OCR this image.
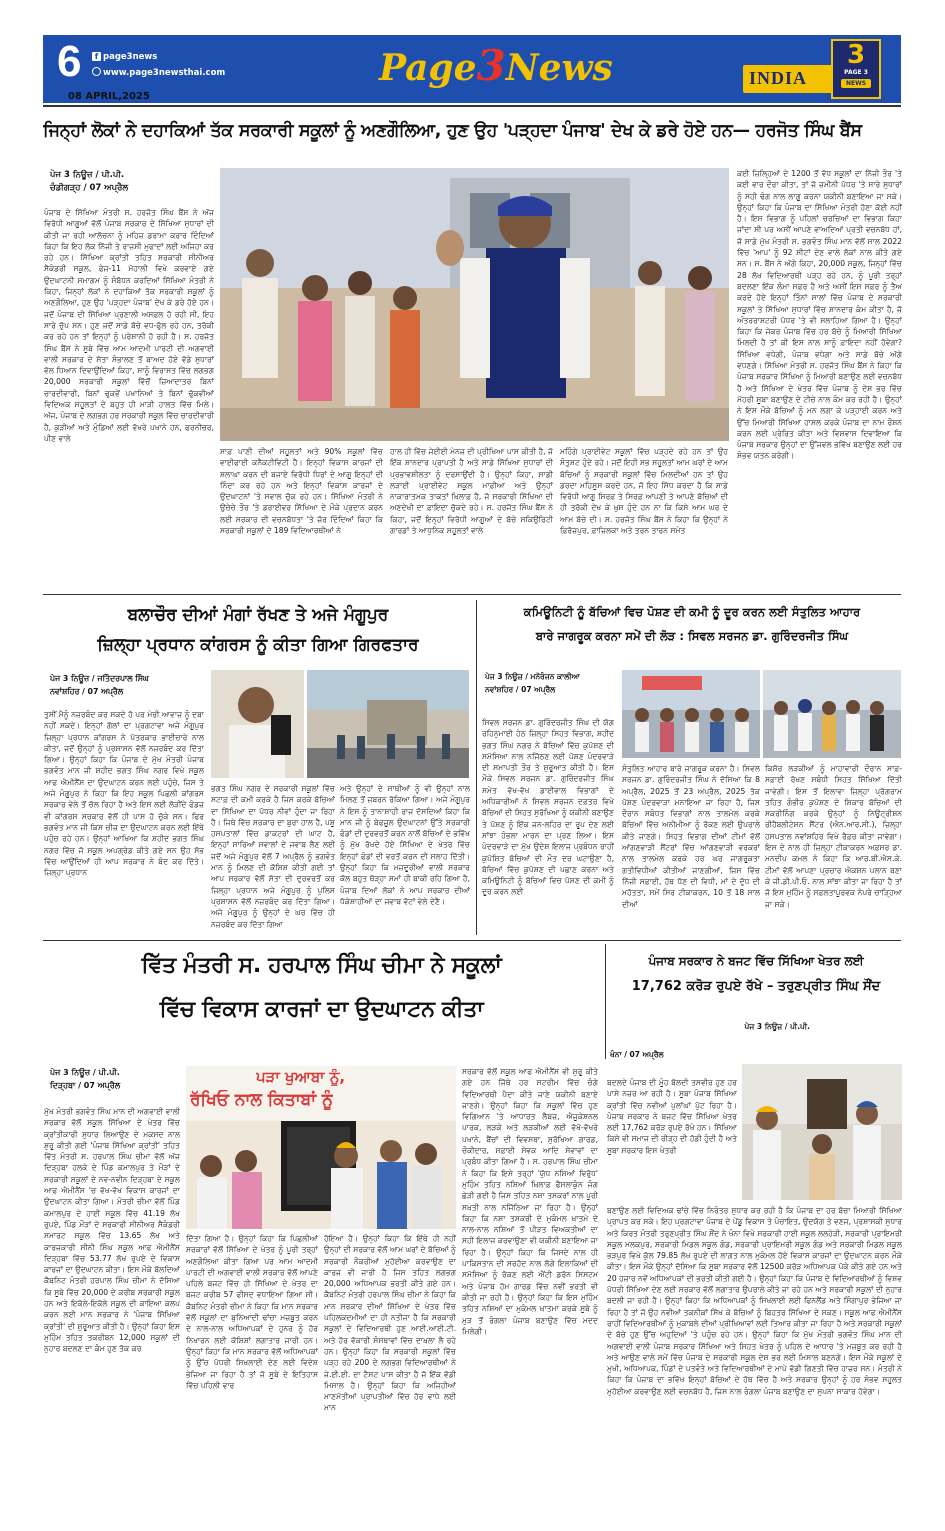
6	f page3news
www.page3newsthai.com	Page3News	INDIA
3
PAGE 3
NEWS
08 APRIL,2025
ਜਿਨ੍ਹਾਂ ਲੋਕਾਂ ਨੇ ਦਹਾਕਿਆਂ ਤੱਕ ਸਰਕਾਰੀ ਸਕੂਲਾਂ ਨੂੰ ਅਣਗੌਲਿਆ, ਹੁਣ ਉਹ 'ਪੜ੍ਹਦਾ ਪੰਜਾਬ' ਦੇਖ ਕੇ ਡਰੇ ਹੋਏ ਹਨ— ਹਰਜੋਤ ਸਿੰਘ ਬੈਂਸ
ਪੇਜ 3 ਨਿਊਜ਼ / ਪੀ.ਪੀ.
ਚੰਡੀਗੜ੍ਹ / 07 ਅਪ੍ਰੈਲ
ਪੰਜਾਬ ਦੇ ਸਿੱਖਿਆ ਮੰਤਰੀ ਸ. ਹਰਜੋਤ ਸਿੰਘ ਬੈਂਸ ਨੇ ਅੱਜ ਵਿਰੋਧੀ ਆਗੂਆਂ ਵੱਲੋਂ ਪੰਜਾਬ ਸਰਕਾਰ ਦੇ ਸਿੱਖਿਆ ਸੁਧਾਰਾਂ ਦੀ ਕੀਤੀ ਜਾ ਰਹੀ ਆਲੋਚਨਾ ਨੂੰ ਮਹਿਜ਼ ਡਰਾਮਾ ਕਰਾਰ ਦਿੰਦਿਆਂ ਕਿਹਾ ਕਿ ਇਹ ਲੋਕ ਨਿੱਜੀ ਤੇ ਰਾਜਸੀ ਮੁਫਾਦਾਂ ਲਈ ਅਜਿਹਾ ਕਰ ਰਹੇ ਹਨ। ਸਿੱਖਿਆ ਕ੍ਰਾਂਤੀ ਤਹਿਤ ਸਰਕਾਰੀ ਸੀਨੀਅਰ ਸੈਕੰਡਰੀ ਸਕੂਲ, ਫੇਜ਼-11 ਮੋਹਾਲੀ ਵਿਖੇ ਕਰਵਾਏ ਗਏ ਉਦਘਾਟਨੀ ਸਮਾਗਮ ਨੂੰ ਸੰਬੋਧਨ ਕਰਦਿਆਂ ਸਿੱਖਿਆ ਮੰਤਰੀ ਨੇ ਕਿਹਾ, ਜਿਨ੍ਹਾਂ ਲੋਕਾਂ ਨੇ ਦਹਾਕਿਆਂ ਤੱਕ ਸਰਕਾਰੀ ਸਕੂਲਾਂ ਨੂੰ ਅਣਗੌਲਿਆ, ਹੁਣ ਉਹ 'ਪੜ੍ਹਦਾ ਪੰਜਾਬ' ਦੇਖ ਕੇ ਡਰੇ ਹੋਏ ਹਨ। ਜਦੋਂ ਪੰਜਾਬ ਦੀ ਸਿੱਖਿਆ ਪ੍ਰਣਾਲੀ ਅਸਫ਼ਲ ਹੋ ਰਹੀ ਸੀ, ਇਹ ਸਾਰੇ ਚੁੱਪ ਸਨ। ਹੁਣ ਜਦੋਂ ਸਾਡੇ ਬੱਚੇ ਵਧ-ਫੁੱਲ ਰਹੇ ਹਨ, ਤਰੱਕੀ ਕਰ ਰਹੇ ਹਨ ਤਾਂ ਇਨ੍ਹਾਂ ਨੂੰ ਪਰੇਸ਼ਾਨੀ ਹੋ ਰਹੀ ਹੈ। ਸ. ਹਰਜੋਤ ਸਿੰਘ ਬੈਂਸ ਨੇ ਸੂਬੇ ਵਿੱਚ ਆਮ ਆਦਮੀ ਪਾਰਟੀ ਦੀ ਅਗਵਾਈ ਵਾਲੀ ਸਰਕਾਰ ਦੇ ਸੱਤਾ ਸੰਭਾਲਣ ਤੋਂ ਬਾਅਦ ਹੋਏ ਵੱਡੇ ਸੁਧਾਰਾਂ ਵੱਲ ਧਿਆਨ ਦਿਵਾਉਂਦਿਆਂ ਕਿਹਾ, ਸਾਨੂੰ ਵਿਰਾਸਤ ਵਿੱਚ ਲਗਭਗ 20,000 ਸਰਕਾਰੀ ਸਕੂਲਾਂ ਵਿੱਚੋਂ ਜ਼ਿਆਦਾਤਰ ਬਿਨਾਂ ਚਾਰਦੀਵਾਰੀ, ਬਿਨਾਂ ਢੁਕਵੇਂ ਪਖਾਨਿਆਂ ਤੇ ਬਿਨਾਂ ਢੁੱਕਵੀਆਂ ਵਿਦਿਅਕ ਸਹੂਲਤਾਂ ਦੇ ਬਹੁਤ ਹੀ ਮਾੜੀ ਹਾਲਤ ਵਿੱਚ ਮਿਲੇ। ਅੱਜ, ਪੰਜਾਬ ਦੇ ਲਗਭਗ ਹਰ ਸਰਕਾਰੀ ਸਕੂਲ ਵਿੱਚ ਚਾਰਦੀਵਾਰੀ ਹੈ, ਕੁੜੀਆਂ ਅਤੇ ਮੁੰਡਿਆਂ ਲਈ ਵੱਖਰੇ ਪਖਾਨੇ ਹਨ, ਫਰਨੀਚਰ, ਪੀਣ ਵਾਲੇ
ਸਾਫ਼ ਪਾਣੀ ਦੀਆਂ ਸਹੂਲਤਾਂ ਅਤੇ 90% ਸਕੂਲਾਂ ਵਿੱਚ ਵਾਈਫਾਈ ਕਨੈਕਟੀਵਿਟੀ ਹੈ। ਇਨ੍ਹਾਂ ਵਿਕਾਸ ਕਾਰਜਾਂ ਦੀ ਸ਼ਲਾਘਾ ਕਰਨ ਦੀ ਬਜਾਏ ਵਿਰੋਧੀ ਧਿਰਾਂ ਦੇ ਆਗੂ ਇਨ੍ਹਾਂ ਦੀ ਨਿੰਦਾ ਕਰ ਰਹੇ ਹਨ ਅਤੇ ਇਨ੍ਹਾਂ ਵਿਕਾਸ ਕਾਰਜਾਂ ਦੇ ਉਦਘਾਟਨਾਂ 'ਤੇ ਸਵਾਲ ਚੁੱਕ ਰਹੇ ਹਨ। ਸਿੱਖਿਆ ਮੰਤਰੀ ਨੇ ਉਚੇਚੇ ਤੌਰ 'ਤੇ ਡਰਾਈਵਰ ਸਿੱਖਿਆ ਦੇ ਮੌਕੇ ਪ੍ਰਦਾਨ ਕਰਨ ਲਈ ਸਰਕਾਰ ਦੀ ਵਚਨਬੱਧਤਾ 'ਤੇ ਜ਼ੋਰ ਦਿੰਦਿਆਂ ਕਿਹਾ ਕਿ ਸਰਕਾਰੀ ਸਕੂਲਾਂ ਦੇ 189 ਵਿਦਿਆਰਥੀਆਂ ਨੇ
ਹਾਲ ਹੀ ਵਿੱਚ ਜੇਈਈ ਮੇਨਜ਼ ਦੀ ਪ੍ਰੀਖਿਆ ਪਾਸ ਕੀਤੀ ਹੈ, ਜੋ ਇੱਕ ਸ਼ਾਨਦਾਰ ਪ੍ਰਾਪਤੀ ਹੈ ਅਤੇ ਸਾਡੇ ਸਿੱਖਿਆ ਸੁਧਾਰਾਂ ਦੀ ਪ੍ਰਭਾਵਸ਼ੀਲਤਾ ਨੂੰ ਦਰਸਾਉਂਦੀ ਹੈ। ਉਨ੍ਹਾਂ ਕਿਹਾ, ਸਾਡੀ ਲੜਾਈ ਪ੍ਰਾਈਵੇਟ ਸਕੂਲ ਮਾਫ਼ੀਆ ਅਤੇ ਉਨ੍ਹਾਂ ਨਾਕਾਰਾਤਮਕ ਤਾਕਤਾਂ ਖ਼ਿਲਾਫ਼ ਹੈ, ਜੋ ਸਰਕਾਰੀ ਸਿੱਖਿਆ ਦੀ ਅਣਦੇਖੀ ਦਾ ਫ਼ਾਇਦਾ ਚੁੱਕਦੇ ਰਹੇ। ਸ. ਹਰਜੋਤ ਸਿੰਘ ਬੈਂਸ ਨੇ ਕਿਹਾ, ਜਦੋਂ ਇਨ੍ਹਾਂ ਵਿਰੋਧੀ ਆਗੂਆਂ ਦੇ ਬੱਚੇ ਸਕਿਉਰਿਟੀ ਗਾਰਡਾਂ ਤੇ ਆਧੁਨਿਕ ਸਹੂਲਤਾਂ ਵਾਲੇ
ਮਹਿੰਗੇ ਪ੍ਰਾਈਵੇਟ ਸਕੂਲਾਂ ਵਿੱਚ ਪੜ੍ਹਦੇ ਰਹੇ ਹਨ ਤਾਂ ਉਹ ਸੰਤੁਸ਼ਟ ਹੁੰਦੇ ਰਹੇ। ਜਦੋਂ ਇਹੀ ਸਭ ਸਹੂਲਤਾਂ ਆਮ ਘਰਾਂ ਦੇ ਆਮ ਬੱਚਿਆਂ ਨੂੰ ਸਰਕਾਰੀ ਸਕੂਲਾਂ ਵਿੱਚ ਮਿਲਦੀਆਂ ਹਨ ਤਾਂ ਉਹ ਡਰਦਾ ਮਹਿਸੂਸ ਕਰਦੇ ਹਨ, ਜੋ ਇਹ ਸਿੱਧ ਕਰਦਾ ਹੈ ਕਿ ਸਾਡੇ ਵਿਰੋਧੀ ਆਗੂ ਸਿਰਫ਼ ਤੇ ਸਿਰਫ਼ ਆਪਣੀ ਤੇ ਆਪਣੇ ਬੱਚਿਆਂ ਦੀ ਹੀ ਤਰੱਕੀ ਦੇਖ ਕੇ ਖ਼ੁਸ਼ ਹੁੰਦੇ ਹਨ ਨਾ ਕਿ ਕਿਸੇ ਆਮ ਘਰ ਦੇ ਆਮ ਬੱਚੇ ਦੀ। ਸ. ਹਰਜੋਤ ਸਿੰਘ ਬੈਂਸ ਨੇ ਕਿਹਾ ਕਿ ਉਨ੍ਹਾਂ ਨੇ ਫ਼ਿਰੋਜ਼ਪੁਰ, ਫ਼ਾਜ਼ਿਲਕਾ ਅਤੇ ਤਰਨ ਤਾਰਨ ਸਮੇਤ
ਕਈ ਜ਼ਿਲ੍ਹਿਆਂ ਦੇ 1200 ਤੋਂ ਵੱਧ ਸਕੂਲਾਂ ਦਾ ਨਿੱਜੀ ਤੌਰ 'ਤੇ ਕਈ ਵਾਰ ਦੌਰਾ ਕੀਤਾ, ਤਾਂ ਜੋ ਜ਼ਮੀਨੀ ਪੱਧਰ 'ਤੇ ਸਾਰੇ ਸੁਧਾਰਾਂ ਨੂੰ ਸਹੀ ਢੰਗ ਨਾਲ ਲਾਗੂ ਕਰਨਾ ਯਕੀਨੀ ਬਣਾਇਆ ਜਾ ਸਕੇ। ਉਨ੍ਹਾਂ ਕਿਹਾ ਕਿ ਪੰਜਾਬ ਦਾ ਸਿੱਖਿਆ ਮੰਤਰੀ ਹੋਣਾ ਕੋਈ ਨਹੀਂ ਹੈ। ਇਸ ਵਿਭਾਗ ਨੂੰ ਪਹਿਲਾਂ ਚਰਚਿਆਂ ਦਾ ਵਿਭਾਗ ਕਿਹਾ ਜਾਂਦਾ ਸੀ ਪਰ ਅਸੀਂ ਆਪਣੇ ਵਾਅਦਿਆਂ ਪ੍ਰਤੀ ਵਚਨਬੱਧ ਹਾਂ, ਜੋ ਸਾਡੇ ਮੁੱਖ ਮੰਤਰੀ ਸ. ਭਗਵੰਤ ਸਿੰਘ ਮਾਨ ਵੱਲੋਂ ਸਾਲ 2022 ਵਿੱਚ 'ਆਪ' ਨੂੰ 92 ਸੀਟਾਂ ਦੇਣ ਵਾਲੇ ਲੋਕਾਂ ਨਾਲ ਕੀਤੇ ਗਏ ਸਨ। ਸ. ਬੈਂਸ ਨੇ ਅੱਗੇ ਕਿਹਾ, 20,000 ਸਕੂਲ, ਜਿਨ੍ਹਾਂ ਵਿੱਚ 28 ਲੱਖ ਵਿਦਿਆਰਥੀ ਪੜ੍ਹ ਰਹੇ ਹਨ, ਨੂੰ ਪੂਰੀ ਤਰ੍ਹਾਂ ਬਦਲਣਾ ਇੱਕ ਲੰਮਾ ਸਫ਼ਰ ਹੈ ਅਤੇ ਅਸੀਂ ਇਸ ਸਫ਼ਰ ਨੂੰ ਤੈਅ ਕਰਦੇ ਹੋਏ ਇਨ੍ਹਾਂ ਤਿੰਨਾਂ ਸਾਲਾਂ ਵਿੱਚ ਪੰਜਾਬ ਦੇ ਸਰਕਾਰੀ ਸਕੂਲਾਂ ਤੇ ਸਿੱਖਿਆ ਸੁਧਾਰਾਂ ਵਿੱਚ ਸ਼ਾਨਦਾਰ ਕੰਮ ਕੀਤਾ ਹੈ, ਜੋ ਅੰਤਰਰਾਸ਼ਟਰੀ ਪੱਧਰ 'ਤੇ ਵੀ ਸਲਾਹਿਆ ਗਿਆ ਹੈ। ਉਨ੍ਹਾਂ ਕਿਹਾ ਕਿ ਜੇਕਰ ਪੰਜਾਬ ਵਿੱਚ ਹਰ ਬੱਚੇ ਨੂੰ ਮਿਆਰੀ ਸਿੱਖਿਆ ਮਿਲਦੀ ਹੈ ਤਾਂ ਕੀ ਇਸ ਨਾਲ ਸਾਨੂੰ ਫ਼ਾਇਦਾ ਨਹੀਂ ਹੋਵੇਗਾ? ਸਿੱਖਿਆ ਵਧੇਗੀ, ਪੰਜਾਬ ਵਧੇਗਾ ਅਤੇ ਸਾਡੇ ਬੱਚੇ ਅੱਗੇ ਵਧਣਗੇ। ਸਿੱਖਿਆ ਮੰਤਰੀ ਸ. ਹਰਜੋਤ ਸਿੰਘ ਬੈਂਸ ਨੇ ਕਿਹਾ ਕਿ ਪੰਜਾਬ ਸਰਕਾਰ ਸਿੱਖਿਆ ਨੂੰ ਮਿਆਰੀ ਬਣਾਉਣ ਲਈ ਵਚਨਬੱਧ ਹੈ ਅਤੇ ਸਿੱਖਿਆ ਦੇ ਖੇਤਰ ਵਿੱਚ ਪੰਜਾਬ ਨੂੰ ਦੇਸ਼ ਭਰ ਵਿੱਚ ਮੋਹਰੀ ਸੂਬਾ ਬਣਾਉਣ ਦੇ ਟੀਚੇ ਨਾਲ ਕੰਮ ਕਰ ਰਹੀ ਹੈ। ਉਨ੍ਹਾਂ ਨੇ ਇਸ ਮੌਕੇ ਬੱਚਿਆਂ ਨੂੰ ਮਨ ਲਗਾ ਕੇ ਪੜ੍ਹਾਈ ਕਰਨ ਅਤੇ ਉੱਚ ਮਿਆਰੀ ਸਿੱਖਿਆ ਹਾਸਲ ਕਰਕੇ ਪੰਜਾਬ ਦਾ ਨਾਮ ਰੌਸ਼ਨ ਕਰਨ ਲਈ ਪ੍ਰੇਰਿਤ ਕੀਤਾ ਅਤੇ ਵਿਸ਼ਵਾਸ ਦਿਵਾਇਆ ਕਿ ਪੰਜਾਬ ਸਰਕਾਰ ਉਨ੍ਹਾਂ ਦਾ ਉੱਜਵਲ ਭਵਿੱਖ ਬਣਾਉਣ ਲਈ ਹਰ ਸੰਭਵ ਯਤਨ ਕਰੇਗੀ।
ਬਲਾਚੌਰ ਦੀਆਂ ਮੰਗਾਂ ਰੱਖਣ ਤੇ ਅਜੇ ਮੰਗੂਪੁਰ
ਜ਼ਿਲ੍ਹਾ ਪ੍ਰਧਾਨ ਕਾਂਗਰਸ ਨੂੰ ਕੀਤਾ ਗਿਆ ਗਿਰਫਤਾਰ
ਪੇਜ 3 ਨਿਊਜ਼ / ਜਤਿੰਦਰਪਾਲ ਸਿੰਘ
ਨਵਾਂਸ਼ਹਿਰ / 07 ਅਪ੍ਰੈਲ
ਤੁਸੀਂ ਮੈਨੂੰ ਨਜ਼ਰਬੰਦ ਕਰ ਸਕਦੇ ਹੋ ਪਰ ਮੇਰੀ ਆਵਾਜ਼ ਨੂੰ ਦਬਾ ਨਹੀਂ ਸਕਦੇ। ਇਨ੍ਹਾਂ ਗੱਲਾਂ ਦਾ ਪ੍ਰਗਟਾਵਾ ਅਜੇ ਮੰਗੂਪੁਰ ਜ਼ਿਲ੍ਹਾ ਪ੍ਰਧਾਨ ਕਾਂਗਰਸ ਨੇ ਪੱਤਰਕਾਰ ਭਾਈਚਾਰੇ ਨਾਲ ਕੀਤਾ, ਜਦੋਂ ਉਨ੍ਹਾਂ ਨੂੰ ਪ੍ਰਸ਼ਾਸਨ ਵੱਲੋਂ ਨਜ਼ਰਬੰਦ ਕਰ ਦਿੱਤਾ ਗਿਆ। ਉਨ੍ਹਾਂ ਕਿਹਾ ਕਿ ਪੰਜਾਬ ਦੇ ਮੁੱਖ ਮੰਤਰੀ ਪੰਜਾਬ ਭਗਵੰਤ ਮਾਨ ਜੀ ਸ਼ਹੀਦ ਭਗਤ ਸਿੰਘ ਨਗਰ ਵਿਖੇ ਸਕੂਲ ਆਫ ਐਮੀਨੈਂਸ ਦਾ ਉਦਘਾਟਨ ਕਰਨ ਲਈ ਪਹੁੰਚੇ, ਜਿਸ ਤੇ ਅਜੇ ਮੰਗੂਪੁਰ ਨੇ ਕਿਹਾ ਕਿ ਇਹ ਸਕੂਲ ਪਿਛਲੀ ਕਾਂਗਰਸ ਸਰਕਾਰ ਵੇਲੇ ਤੋਂ ਚੱਲ ਰਿਹਾ ਹੈ ਅਤੇ ਇਸ ਲਈ ਲੋੜੀਂਦੇ ਫੰਡਜ਼ ਵੀ ਕਾਂਗਰਸ ਸਰਕਾਰ ਵੱਲੋਂ ਹੀ ਪਾਸ ਹੋ ਚੁੱਕੇ ਸਨ। ਫਿਰ ਭਗਵੰਤ ਮਾਨ ਜੀ ਕਿਸ ਚੀਜ਼ ਦਾ ਉਦਘਾਟਨ ਕਰਨ ਲਈ ਇੱਥੇ ਪਹੁੰਚ ਰਹੇ ਹਨ। ਉਨ੍ਹਾਂ ਆਖਿਆ ਕਿ ਸ਼ਹੀਦ ਭਗਤ ਸਿੰਘ ਨਗਰ ਵਿੱਚ ਜੋ ਸਕੂਲ ਅਪਗ੍ਰੇਡ ਕੀਤੇ ਗਏ ਸਨ ਉਹ ਸੱਭ ਵਿੱਚ ਆਉਂਦਿਆਂ ਹੀ ਆਪ ਸਰਕਾਰ ਨੇ ਬੰਦ ਕਰ ਦਿੱਤੇ। ਜ਼ਿਲ੍ਹਾ ਪ੍ਰਧਾਨ
ਭਗਤ ਸਿੰਘ ਨਗਰ ਦੇ ਸਰਕਾਰੀ ਸਕੂਲਾਂ ਵਿੱਚ ਸਟਾਫ਼ ਦੀ ਕਮੀ ਕਰਕੇ ਹੈ ਜਿਸ ਕਰਕੇ ਬੱਚਿਆਂ ਦਾ ਸਿੱਖਿਆ ਦਾ ਪੱਧਰ ਨੀਵਾਂ ਹੁੰਦਾ ਜਾ ਰਿਹਾ ਹੈ। ਜਿਥੇ ਵਿੱਚ ਸਰਕਾਰ ਦਾ ਬੁਰਾ ਹਾਲ ਹੈ, ਪਸ਼ੂ ਹਸਪਤਾਲਾਂ ਵਿੱਚ ਡਾਕਟਰਾਂ ਦੀ ਘਾਟ ਹੈ, ਇਨ੍ਹਾਂ ਸਾਰਿਆਂ ਸਵਾਲਾਂ ਦੇ ਜਵਾਬ ਲੈਣ ਲਈ ਜਦੋਂ ਅਜੇ ਮੰਗੂਪੁਰ ਵੱਲੋਂ 7 ਅਪ੍ਰੈਲ ਨੂੰ ਭਗਵੰਤ ਮਾਨ ਨੂੰ ਮਿਲਣ ਦੀ ਕੋਸ਼ਿਸ਼ ਕੀਤੀ ਗਈ ਤਾਂ ਆਪ ਸਰਕਾਰ ਵੱਲੋਂ ਸੱਤਾ ਦੀ ਦੁਰਵਰਤੋਂ ਕਰ ਜ਼ਿਲ੍ਹਾ ਪ੍ਰਧਾਨ ਅਜੇ ਮੰਗੂਪੁਰ ਨੂੰ ਪੁਲਿਸ ਪ੍ਰਸ਼ਾਸਨ ਵੱਲੋਂ ਨਜ਼ਰਬੰਦ ਕਰ ਦਿੱਤਾ ਗਿਆ। ਅਜੇ ਮੰਗੂਪੁਰ ਨੂੰ ਉਨ੍ਹਾਂ ਦੇ ਘਰ ਵਿੱਚ ਹੀ ਨਜ਼ਰਬੰਦ ਕਰ ਦਿੱਤਾ ਗਿਆ
ਅਤੇ ਉਨ੍ਹਾਂ ਦੇ ਸਾਥੀਆਂ ਨੂੰ ਵੀ ਉਨ੍ਹਾਂ ਨਾਲ ਮਿਲਣ ਤੋਂ ਜ਼ਬਰਨ ਰੋਕਿਆ ਗਿਆ। ਅਜੇ ਮੰਗੂਪੁਰ ਨੇ ਇਸ ਨੂੰ ਤਾਨਾਸ਼ਾਹੀ ਰਾਜ ਦੱਸਦਿਆਂ ਕਿਹਾ ਕਿ ਮਾਨ ਜੀ ਨੂੰ ਬੇਫਜ਼ੂਲ ਉਦਘਾਟਨਾਂ ਉੱਤੇ ਸਰਕਾਰੀ ਫੰਡਾਂ ਦੀ ਦੁਰਵਰਤੋਂ ਕਰਨ ਨਾਲੋਂ ਬੱਚਿਆਂ ਦੇ ਭਵਿੱਖ ਨੂੰ ਮੁੱਖ ਰੱਖਦੇ ਹੋਏ ਸਿੱਖਿਆ ਦੇ ਖੇਤਰ ਵਿੱਚ ਇਨ੍ਹਾਂ ਫੰਡਾਂ ਦੀ ਵਰਤੋਂ ਕਰਨ ਦੀ ਸਲਾਹ ਦਿੱਤੀ। ਉਨ੍ਹਾਂ ਕਿਹਾ ਕਿ ਮਜ਼ਦੂਰੀਆਂ ਵਾਲੀ ਸਰਕਾਰ ਕੋਲ ਬਹੁਤ ਥੋੜ੍ਹਾ ਸਮਾਂ ਹੀ ਬਾਕੀ ਰਹਿ ਗਿਆ ਹੈ, ਪੰਜਾਬ ਦਿਆਂ ਲੋਕਾਂ ਨੇ ਆਪ ਸਰਕਾਰ ਦੀਆਂ ਧੱਕੇਸ਼ਾਹੀਆਂ ਦਾ ਜਵਾਬ ਵੋਟਾਂ ਵੇਲੇ ਦੇਣੈ।
ਕਮਿਊਨਿਟੀ ਨੂੰ ਬੱਚਿਆਂ ਵਿਚ ਪੋਸ਼ਣ ਦੀ ਕਮੀ ਨੂੰ ਦੂਰ ਕਰਨ ਲਈ ਸੰਤੁਲਿਤ ਆਹਾਰ
ਬਾਰੇ ਜਾਗਰੂਕ ਕਰਨਾ ਸਮੇਂ ਦੀ ਲੋੜ : ਸਿਵਲ ਸਰਜਨ ਡਾ. ਗੁਰਿੰਦਰਜੀਤ ਸਿੰਘ
ਪੇਜ 3 ਨਿਊਜ਼ / ਮਨੋਰੰਜਨ ਕਾਲੀਆ
ਨਵਾਂਸ਼ਹਿਰ / 07 ਅਪ੍ਰੈਲ
ਸਿਵਲ ਸਰਜਨ ਡਾ. ਗੁਰਿੰਦਰਜੀਤ ਸਿੰਘ ਦੀ ਯੋਗ ਰਹਿਨੁਮਾਈ ਹੇਠ ਜ਼ਿਲ੍ਹਾ ਸਿਹਤ ਵਿਭਾਗ, ਸ਼ਹੀਦ ਭਗਤ ਸਿੰਘ ਨਗਰ ਨੇ ਬੱਚਿਆਂ ਵਿੱਚ ਕੁਪੋਸ਼ਣ ਦੀ ਸਮੱਸਿਆ ਨਾਲ ਨਜਿੱਠਣ ਲਈ ਪੋਸ਼ਣ ਪੰਦਰਵਾੜੇ ਦੀ ਸਮਾਪਤੀ ਤੌਰ ਤੇ ਸ਼ੁਰੂਆਤ ਕੀਤੀ ਹੈ। ਇਸ ਮੌਕੇ ਸਿਵਲ ਸਰਜਨ ਡਾ. ਗੁਰਿੰਦਰਜੀਤ ਸਿੰਘ ਸਮੇਤ ਵੱਖ-ਵੱਖ ਡਾਈਵਾਲ ਵਿਭਾਗਾਂ ਦੇ ਅਧਿਕਾਰੀਆਂ ਨੇ ਸਿਵਲ ਸਰਜਨ ਦਫ਼ਤਰ ਵਿਖੇ ਬੱਚਿਆਂ ਦੀ ਸਿਹਤ ਸੁਰੱਖਿਆ ਨੂੰ ਯਕੀਨੀ ਬਣਾਉਣ ਤੇ ਪੋਸ਼ਣ ਨੂੰ ਇੱਕ ਜਨ-ਲਹਿਰ ਦਾ ਰੂਪ ਦੇਣ ਲਈ ਸਾਂਝਾ ਹੰਭਲਾ ਮਾਰਨ ਦਾ ਪ੍ਰਣ ਲਿਆ। ਇਸ ਪੰਦਰਵਾੜੇ ਦਾ ਮੁੱਖ ਉਦੇਸ਼ ਇਲਾਜ ਪ੍ਰਬੰਧਨ ਰਾਹੀਂ ਕੁਪੋਸ਼ਿਤ ਬੱਚਿਆਂ ਦੀ ਮੌਤ ਦਰ ਘਟਾਉਣਾ ਹੈ, ਬੱਚਿਆਂ ਵਿੱਚ ਕੁਪੋਸ਼ਣ ਦੀ ਪਛਾਣ ਕਰਨਾ ਅਤੇ ਕਮਿਊਨਿਟੀ ਨੂੰ ਬੱਚਿਆਂ ਵਿਚ ਪੋਸ਼ਣ ਦੀ ਕਮੀ ਨੂੰ ਦੂਰ ਕਰਨ ਲਈ
ਸੰਤੁਲਿਤ ਆਹਾਰ ਬਾਰੇ ਜਾਗਰੂਕ ਕਰਨਾ ਹੈ। ਸਿਵਲ ਸਰਜਨ ਡਾ. ਗੁਰਿੰਦਰਜੀਤ ਸਿੰਘ ਨੇ ਦੱਸਿਆ ਕਿ 8 ਅਪ੍ਰੈਲ, 2025 ਤੋਂ 23 ਅਪ੍ਰੈਲ, 2025 ਤੱਕ ਪੋਸ਼ਣ ਪੰਦਰਵਾੜਾ ਮਨਾਇਆ ਜਾ ਰਿਹਾ ਹੈ, ਜਿਸ ਦੌਰਾਨ ਸਬੰਧਤ ਵਿਭਾਗਾਂ ਨਾਲ ਤਾਲਮੇਲ ਕਰਕੇ ਬੱਚਿਆਂ ਵਿੱਚ ਅਨੀਮੀਆ ਨੂੰ ਰੋਕਣ ਲਈ ਉਪਰਾਲੇ ਕੀਤੇ ਜਾਣਗੇ। ਸਿਹਤ ਵਿਭਾਗ ਦੀਆਂ ਟੀਮਾਂ ਵੱਲੋਂ ਆਂਗਣਵਾੜੀ ਸੈਂਟਰਾਂ ਵਿੱਚ ਆਂਗਣਵਾੜੀ ਵਰਕਰਾਂ ਨਾਲ ਤਾਲਮੇਲ ਕਰਕੇ ਹਰ ਘਰ ਜਾਗਰੂਕਤਾ ਗਤੀਵਿਧੀਆਂ ਕੀਤੀਆਂ ਜਾਣਗੀਆਂ, ਜਿਸ ਵਿੱਚ ਨਿੱਜੀ ਸਫ਼ਾਈ, ਹੱਥ ਧੋਣ ਦੀ ਵਿਧੀ, ਮਾਂ ਦੇ ਦੁੱਧ ਦੀ ਮਹੱਤਤਾ, ਸਮੇਂ ਸਿਰ ਟੀਕਾਕਰਨ, 10 ਤੋਂ 18 ਸਾਲ ਦੀਆਂ
ਕਿਸ਼ੋਰ ਲੜਕੀਆਂ ਨੂੰ ਮਾਹਾਵਾਰੀ ਦੌਰਾਨ ਸਾਫ਼-ਸਫ਼ਾਈ ਰੱਖਣ ਸਬੰਧੀ ਸਿਹਤ ਸਿੱਖਿਆ ਦਿੱਤੀ ਜਾਵੇਗੀ। ਇਸ ਤੋਂ ਇਲਾਵਾ ਜ਼ਿਲ੍ਹਾ ਪ੍ਰੋਗਰਾਮ ਤਹਿਤ ਗੰਭੀਰ ਕੁਪੋਸ਼ਣ ਦੇ ਸ਼ਿਕਾਰ ਬੱਚਿਆਂ ਦੀ ਸਕਰੀਨਿੰਗ ਕਰਕੇ ਉਨ੍ਹਾਂ ਨੂੰ ਨਿਊਟ੍ਰੀਸ਼ਨ ਰੀਹੈਬਲੀਟੇਸ਼ਨ ਸੈਂਟਰ (ਐਨ.ਆਰ.ਸੀ.), ਜ਼ਿਲ੍ਹਾ ਹਸਪਤਾਲ ਨਵਾਂਸ਼ਹਿਰ ਵਿਖੇ ਰੈਫ਼ਰ ਕੀਤਾ ਜਾਵੇਗਾ। ਇਸ ਦੇ ਨਾਲ ਹੀ ਜ਼ਿਲ੍ਹਾ ਟੀਕਾਕਰਨ ਅਫ਼ਸਰ ਡਾ. ਮਨਦੀਪ ਕਮਲ ਨੇ ਕਿਹਾ ਕਿ ਆਰ.ਬੀ.ਐਸ.ਕੇ. ਟੀਮਾਂ ਵੱਲੋਂ ਆਪਣਾ ਪ੍ਰਚਾਰ ਐਕਸ਼ਨ ਪਲਾਨ ਬਣਾ ਕੇ ਜੀ.ਡੀ.ਪੀ.ਓ. ਨਾਲ ਸਾਂਝਾ ਕੀਤਾ ਜਾ ਰਿਹਾ ਹੈ ਤਾਂ ਜੋ ਇਸ ਮੁਹਿੰਮ ਨੂੰ ਸਫ਼ਲਤਾਪੂਰਵਕ ਨੇਪਰੇ ਚਾੜ੍ਹਿਆ ਜਾ ਸਕੇ।
ਵਿੱਤ ਮੰਤਰੀ ਸ. ਹਰਪਾਲ ਸਿੰਘ ਚੀਮਾ ਨੇ ਸਕੂਲਾਂ
ਵਿੱਚ ਵਿਕਾਸ ਕਾਰਜਾਂ ਦਾ ਉਦਘਾਟਨ ਕੀਤਾ
ਪੇਜ 3 ਨਿਊਜ਼ / ਪੀ.ਪੀ.
ਦਿੜ੍ਹਬਾ / 07 ਅਪ੍ਰੈਲ
ਮੁੱਖ ਮੰਤਰੀ ਭਗਵੰਤ ਸਿੰਘ ਮਾਨ ਦੀ ਅਗਵਾਈ ਵਾਲੀ ਸਰਕਾਰ ਵੱਲੋਂ ਸਕੂਲ ਸਿੱਖਿਆ ਦੇ ਖੇਤਰ ਵਿੱਚ ਕ੍ਰਾਂਤੀਕਾਰੀ ਸੁਧਾਰ ਲਿਆਉਣ ਦੇ ਮਕਸਦ ਨਾਲ ਸ਼ੁਰੂ ਕੀਤੀ ਗਈ 'ਪੰਜਾਬ ਸਿੱਖਿਆ ਕ੍ਰਾਂਤੀ' ਤਹਿਤ ਵਿੱਤ ਮੰਤਰੀ ਸ. ਹਰਪਾਲ ਸਿੰਘ ਚੀਮਾ ਵੱਲੋਂ ਅੱਜ ਦਿੜ੍ਹਬਾ ਹਲਕੇ ਦੇ ਪਿੰਡ ਕਮਾਲਪੁਰ ਤੇ ਮੌੜਾਂ ਦੇ ਸਰਕਾਰੀ ਸਕੂਲਾਂ ਦੇ ਨਵ-ਨਵੀਨ ਦਿੜ੍ਹਬਾ ਦੇ ਸਕੂਲ ਆਫ ਐਮੀਨੈਂਸ 'ਚ ਵੱਖ-ਵੱਖ ਵਿਕਾਸ ਕਾਰਜਾਂ ਦਾ ਉਦਘਾਟਨ ਕੀਤਾ ਗਿਆ। ਮੰਤਰੀ ਚੀਮਾ ਵੱਲੋਂ ਪਿੰਡ ਕਮਾਲਪੁਰ ਦੇ ਹਾਈ ਸਕੂਲ ਵਿੱਚ 41.19 ਲੱਖ ਰੁਪਏ, ਪਿੰਡ ਮੌੜਾਂ ਦੇ ਸਰਕਾਰੀ ਸੀਨੀਅਰ ਸੈਕੰਡਰੀ ਸਮਾਰਟ ਸਕੂਲ ਵਿੱਚ 13.65 ਲੱਖ ਅਤੇ ਕਾਰਜਕਾਰੀ ਸੀਨੀ ਸਿੰਘ ਸਕੂਲ ਆਫ ਐਮੀਨੈਂਸ ਦਿੜ੍ਹਬਾ ਵਿੱਚ 53.77 ਲੱਖ ਰੁਪਏ ਦੇ ਵਿਕਾਸ ਕਾਰਜਾਂ ਦਾ ਉਦਘਾਟਨ ਕੀਤਾ। ਇਸ ਮੌਕੇ ਬੋਲਦਿਆਂ ਕੈਬਨਿਟ ਮੰਤਰੀ ਹਰਪਾਲ ਸਿੰਘ ਚੀਮਾ ਨੇ ਦੱਸਿਆ ਕਿ ਸੂਬੇ ਵਿੱਚ 20,000 ਦੇ ਕਰੀਬ ਸਰਕਾਰੀ ਸਕੂਲ ਹਨ ਅਤੇ ਇਕੱਲੇ-ਇਕੱਲੇ ਸਕੂਲ ਦੀ ਕਾਇਆ ਕਲਪ ਕਰਨ ਲਈ ਮਾਨ ਸਰਕਾਰ ਨੇ 'ਪੰਜਾਬ ਸਿੱਖਿਆ ਕ੍ਰਾਂਤੀ' ਦੀ ਸ਼ੁਰੂਆਤ ਕੀਤੀ ਹੈ। ਉਨ੍ਹਾਂ ਕਿਹਾ ਇਸ ਮੁਹਿੰਮ ਤਹਿਤ ਤਕਰੀਬਨ 12,000 ਸਕੂਲਾਂ ਦੀ ਨੁਹਾਰ ਬਦਲਣ ਦਾ ਕੰਮ ਹੁਣ ਤੱਕ ਕਰ
ਪੜਾ ਖੁਆਬਾ ਨੂੰ,
ਰੱਖਿਓ ਨਾਲ ਕਿਤਾਬਾਂ ਨੂੰ
ਦਿੱਤਾ ਗਿਆ ਹੈ। ਉਨ੍ਹਾਂ ਕਿਹਾ ਕਿ ਪਿਛਲੀਆਂ ਸਰਕਾਰਾਂ ਵੱਲੋਂ ਸਿੱਖਿਆ ਦੇ ਖੇਤਰ ਨੂੰ ਪੂਰੀ ਤਰ੍ਹਾਂ ਅਣਗੌਲਿਆ ਕੀਤਾ ਗਿਆ ਪਰ ਆਮ ਆਦਮੀ ਪਾਰਟੀ ਦੀ ਅਗਵਾਈ ਵਾਲੀ ਸਰਕਾਰ ਵੱਲੋਂ ਆਪਣੇ ਪਹਿਲੇ ਬਜਟ ਵਿੱਚ ਹੀ ਸਿੱਖਿਆ ਦੇ ਖੇਤਰ ਦਾ ਬਜਟ ਕਰੀਬ 57 ਫੀਸਦ ਵਧਾਇਆ ਗਿਆ ਸੀ। ਕੈਬਨਿਟ ਮੰਤਰੀ ਚੀਮਾ ਨੇ ਕਿਹਾ ਕਿ ਮਾਨ ਸਰਕਾਰ ਵੱਲੋਂ ਸਕੂਲਾਂ ਦਾ ਬੁਨਿਆਦੀ ਢਾਂਚਾ ਮਜ਼ਬੂਤ ਕਰਨ ਦੇ ਨਾਲ-ਨਾਲ ਅਧਿਆਪਕਾਂ ਦੇ ਹੁਨਰ ਨੂੰ ਹੋਰ ਨਿਖਾਰਨ ਲਈ ਕੋਸ਼ਿਸ਼ਾਂ ਲਗਾਤਾਰ ਜਾਰੀ ਹਨ। ਉਨ੍ਹਾਂ ਕਿਹਾ ਕਿ ਮਾਨ ਸਰਕਾਰ ਵੱਲੋਂ ਅਧਿਆਪਕਾਂ ਨੂੰ ਉੱਚ ਪੱਧਰੀ ਸਿਖਲਾਈ ਦੇਣ ਲਈ ਵਿਦੇਸ਼ ਭੇਜਿਆ ਜਾ ਰਿਹਾ ਹੈ ਤਾਂ ਜੋ ਸੂਬੇ ਦੇ ਇਤਿਹਾਸ ਵਿੱਚ ਪਹਿਲੀ ਵਾਰ
ਹੋਇਆ ਹੈ। ਉਨ੍ਹਾਂ ਕਿਹਾ ਕਿ ਇੱਥੇ ਹੀ ਨਹੀਂ ਉਨ੍ਹਾਂ ਦੀ ਸਰਕਾਰ ਵੱਲੋਂ ਆਮ ਘਰਾਂ ਦੇ ਬੱਚਿਆਂ ਨੂੰ ਸਰਕਾਰੀ ਨੌਕਰੀਆਂ ਮੁਹੱਈਆ ਕਰਵਾਉਣ ਦਾ ਕਾਰਜ ਵੀ ਜਾਰੀ ਹੈ ਜਿਸ ਤਹਿਤ ਲਗਭਗ 20,000 ਅਧਿਆਪਕ ਭਰਤੀ ਕੀਤੇ ਗਏ ਹਨ। ਕੈਬਨਿਟ ਮੰਤਰੀ ਹਰਪਾਲ ਸਿੰਘ ਚੀਮਾ ਨੇ ਕਿਹਾ ਕਿ ਮਾਨ ਸਰਕਾਰ ਦੀਆਂ ਸਿੱਖਿਆ ਦੇ ਖੇਤਰ ਵਿੱਚ ਪਹਿਲਕਦਮੀਆਂ ਦਾ ਹੀ ਨਤੀਜਾ ਹੈ ਕਿ ਸਰਕਾਰੀ ਸਕੂਲਾਂ ਦੇ ਵਿਦਿਆਰਥੀ ਹੁਣ ਆਈ.ਆਈ.ਟੀ. ਅਤੇ ਹੋਰ ਵੱਕਾਰੀ ਸੰਸਥਾਵਾਂ ਵਿੱਚ ਦਾਖ਼ਲਾ ਲੈ ਰਹੇ ਹਨ। ਉਨ੍ਹਾਂ ਕਿਹਾ ਕਿ ਸਰਕਾਰੀ ਸਕੂਲਾਂ ਵਿੱਚ ਪੜ੍ਹ ਰਹੇ 200 ਦੇ ਲਗਭਗ ਵਿਦਿਆਰਥੀਆਂ ਨੇ ਜੇ.ਈ.ਈ. ਦਾ ਟੈਸਟ ਪਾਸ ਕੀਤਾ ਹੈ ਜੋ ਇੱਕ ਵੱਡੀ ਮਿਸਾਲ ਹੈ। ਉਨ੍ਹਾਂ ਕਿਹਾ ਕਿ ਅਜਿਹੀਆਂ ਮਾਣਮੱਤੀਆਂ ਪ੍ਰਾਪਤੀਆਂ ਵਿੱਚ ਹੋਰ ਵਾਧੇ ਲਈ ਮਾਨ
ਸਰਕਾਰ ਵੱਲੋਂ ਸਕੂਲ ਆਫ ਐਮੀਨੈਂਸ ਵੀ ਸ਼ੁਰੂ ਕੀਤੇ ਗਏ ਹਨ ਜਿੱਥੇ ਹਰ ਸਟਰੀਮ ਵਿੱਚ ਚੰਗੇ ਵਿਦਿਆਰਥੀ ਪੈਦਾ ਕੀਤੇ ਜਾਣੇ ਯਕੀਨੀ ਬਣਾਏ ਜਾਣਗੇ। ਉਨ੍ਹਾਂ ਕਿਹਾ ਕਿ ਸਕੂਲਾਂ ਵਿੱਚ ਹੁਣ ਵਿਗਿਆਨ 'ਤੇ ਆਧਾਰਤ ਲੈਬਜ਼, ਐਜੂਕੇਸ਼ਨਲ ਪਾਰਕ, ਲੜਕੇ ਅਤੇ ਲੜਕੀਆਂ ਲਈ ਵੱਖੋ-ਵੱਖਰੇ ਪਖਾਨੇ, ਬੈਂਚਾਂ ਦੀ ਵਿਵਸਥਾ, ਸੁਰੱਖਿਆ ਗਾਰਡ, ਚੌਕੀਦਾਰ, ਸਫ਼ਾਈ ਸੇਵਕ ਆਦਿ ਸੇਵਾਵਾਂ ਦਾ ਪ੍ਰਬੰਧ ਕੀਤਾ ਗਿਆ ਹੈ। ਸ. ਹਰਪਾਲ ਸਿੰਘ ਚੀਮਾ ਨੇ ਕਿਹਾ ਕਿ ਇਸੇ ਤਰ੍ਹਾਂ 'ਯੁੱਧ ਨਸ਼ਿਆਂ ਵਿਰੁੱਧ' ਮੁਹਿੰਮ ਤਹਿਤ ਨਸ਼ਿਆਂ ਖ਼ਿਲਾਫ਼ ਫੈਸਲਾਕੁੰਨ ਜੰਗ ਛੇੜੀ ਗਈ ਹੈ ਜਿਸ ਤਹਿਤ ਨਸ਼ਾ ਤਸਕਰਾਂ ਨਾਲ ਪੂਰੀ ਸਖ਼ਤੀ ਨਾਲ ਨਜਿੱਠਿਆ ਜਾ ਰਿਹਾ ਹੈ। ਉਨ੍ਹਾਂ ਕਿਹਾ ਕਿ ਨਸ਼ਾ ਤਸਕਰੀ ਦੇ ਮੁਕੰਮਲ ਖ਼ਾਤਮੇ ਦੇ ਨਾਲ-ਨਾਲ ਨਸ਼ਿਆਂ ਤੋਂ ਪੀੜਤ ਵਿਅਕਤੀਆਂ ਦਾ ਸਹੀ ਇਲਾਜ ਕਰਵਾਉਣਾ ਵੀ ਯਕੀਨੀ ਬਣਾਇਆ ਜਾ ਰਿਹਾ ਹੈ। ਉਨ੍ਹਾਂ ਕਿਹਾ ਕਿ ਜਿਸਦੇ ਨਾਲ ਹੀ ਪਾਕਿਸਤਾਨ ਦੀ ਸਰਹੱਦ ਨਾਲ ਲੱਗੇ ਇਲਾਕਿਆਂ ਦੀ ਸਮੱਸਿਆ ਨੂੰ ਰੋਕਣ ਲਈ ਐਂਟੀ ਡਰੋਨ ਸਿਸਟਮ ਅਤੇ ਪੰਜਾਬ ਹੋਮ ਗਾਰਡ ਵਿੱਚ ਨਵੀਂ ਭਰਤੀ ਵੀ ਕੀਤੀ ਜਾ ਰਹੀ ਹੈ। ਉਨ੍ਹਾਂ ਕਿਹਾ ਕਿ ਇਸ ਮੁਹਿੰਮ ਤਹਿਤ ਨਸ਼ਿਆਂ ਦਾ ਮੁਕੰਮਲ ਖ਼ਾਤਮਾ ਕਰਕੇ ਸੂਬੇ ਨੂੰ ਮੁੜ ਤੋਂ ਰੰਗਲਾ ਪੰਜਾਬ ਬਣਾਉਣ ਵਿੱਚ ਮਦਦ ਮਿਲੇਗੀ।
ਪੰਜਾਬ ਸਰਕਾਰ ਨੇ ਬਜਟ ਵਿੱਚ ਸਿੱਖਿਆ ਖੇਤਰ ਲਈ
17,762 ਕਰੋੜ ਰੁਪਏ ਰੱਖੇ – ਤਰੁਣਪ੍ਰੀਤ ਸਿੰਘ ਸੌਂਦ
ਪੇਜ 3 ਨਿਊਜ਼ / ਪੀ.ਪੀ.
ਖੰਨਾ / 07 ਅਪ੍ਰੈਲ
ਬਦਲਦੇ ਪੰਜਾਬ ਦੀ ਮੂੰਹ ਬੋਲਦੀ ਤਸਵੀਰ ਹੁਣ ਹਰ ਪਾਸੇ ਨਜ਼ਰ ਆ ਰਹੀ ਹੈ। ਸੂਬਾ ਪੰਜਾਬ ਸਿੱਖਿਆ ਕ੍ਰਾਂਤੀ ਵਿੱਚ ਨਵੀਆਂ ਪੁਲਾਂਘਾਂ ਪੁੱਟ ਰਿਹਾ ਹੈ। ਪੰਜਾਬ ਸਰਕਾਰ ਨੇ ਬਜਟ ਵਿੱਚ ਸਿੱਖਿਆ ਖੇਤਰ ਲਈ 17,762 ਕਰੋੜ ਰੁਪਏ ਰੱਖੇ ਹਨ। ਸਿੱਖਿਆ ਕਿਸੇ ਵੀ ਸਮਾਜ ਦੀ ਰੀੜ੍ਹ ਦੀ ਹੱਡੀ ਹੁੰਦੀ ਹੈ ਅਤੇ ਸੂਬਾ ਸਰਕਾਰ ਇਸ ਖੇਤਰੀ
ਬਣਾਉਣ ਲਈ ਵਿਦਿਅਕ ਢਾਂਚੇ ਵਿੱਚ ਨਿਰੰਤਰ ਸੁਧਾਰ ਕਰ ਰਹੀ ਹੈ ਕਿ ਪੰਜਾਬ ਦਾ ਹਰ ਬੱਚਾ ਮਿਆਰੀ ਸਿੱਖਿਆ ਪ੍ਰਾਪਤ ਕਰ ਸਕੇ। ਇਹ ਪ੍ਰਗਟਾਵਾ ਪੰਜਾਬ ਦੇ ਪੇਂਡੂ ਵਿਕਾਸ ਤੇ ਪੰਚਾਇਤ, ਉਦਯੋਗ ਤੇ ਵਣਜ, ਪ੍ਰਸ਼ਾਸਕੀ ਸੁਧਾਰ ਅਤੇ ਕਿਰਤ ਮੰਤਰੀ ਤਰੁਣਪ੍ਰੀਤ ਸਿੰਘ ਸੌਂਦ ਨੇ ਖੰਨਾ ਵਿਖੇ ਸਰਕਾਰੀ ਹਾਈ ਸਕੂਲ ਲਲਹੇੜੀ, ਸਰਕਾਰੀ ਪ੍ਰਾਇਮਰੀ ਸਕੂਲ ਮਲਕਪੁਰ, ਸਰਕਾਰੀ ਮਿਡਲ ਸਕੂਲ ਗੰਡ, ਸਰਕਾਰੀ ਪ੍ਰਾਇਮਰੀ ਸਕੂਲ ਗੰਡ ਅਤੇ ਸਰਕਾਰੀ ਮਿਡਲ ਸਕੂਲ ਭੜਪੁਰ ਵਿਖੇ ਕੁੱਲ 79.85 ਲੱਖ ਰੁਪਏ ਦੀ ਲਾਗਤ ਨਾਲ ਮੁਕੰਮਲ ਹੋਏ ਵਿਕਾਸ ਕਾਰਜਾਂ ਦਾ ਉਦਘਾਟਨ ਕਰਨ ਮੌਕੇ ਕੀਤਾ। ਇਸ ਮੌਕੇ ਉਨ੍ਹਾਂ ਦੱਸਿਆ ਕਿ ਸੂਬਾ ਸਰਕਾਰ ਵੱਲੋਂ 12500 ਕਰੋੜ ਅਧਿਆਪਕ ਪੱਕੇ ਕੀਤੇ ਗਏ ਹਨ ਅਤੇ 20 ਹਜ਼ਾਰ ਨਵੇਂ ਅਧਿਆਪਕਾਂ ਦੀ ਭਰਤੀ ਕੀਤੀ ਗਈ ਹੈ। ਉਨ੍ਹਾਂ ਕਿਹਾ ਕਿ ਪੰਜਾਬ ਦੇ ਵਿਦਿਆਰਥੀਆਂ ਨੂੰ ਵਿਸ਼ਵ ਪੱਧਰੀ ਸਿੱਖਿਆ ਦੇਣ ਲਈ ਸਰਕਾਰ ਵੱਲੋਂ ਲਗਾਤਾਰ ਉਪਰਾਲੇ ਕੀਤੇ ਜਾ ਰਹੇ ਹਨ ਅਤੇ ਸਰਕਾਰੀ ਸਕੂਲਾਂ ਦੀ ਨੁਹਾਰ ਬਦਲੀ ਜਾ ਰਹੀ ਹੈ। ਉਨ੍ਹਾਂ ਕਿਹਾ ਕਿ ਅਧਿਆਪਕਾਂ ਨੂੰ ਸਿਖਲਾਈ ਲਈ ਫਿਨਲੈਂਡ ਅਤੇ ਸਿੰਗਾਪੁਰ ਭੇਜਿਆ ਜਾ ਰਿਹਾ ਹੈ ਤਾਂ ਜੋ ਉਹ ਨਵੀਆਂ ਤਕਨੀਕਾਂ ਸਿੱਖ ਕੇ ਬੱਚਿਆਂ ਨੂੰ ਬਿਹਤਰ ਸਿੱਖਿਆ ਦੇ ਸਕਣ। ਸਕੂਲ ਆਫ ਐਮੀਨੈਂਸ ਰਾਹੀਂ ਵਿਦਿਆਰਥੀਆਂ ਨੂੰ ਮੁਕਾਬਲੇ ਦੀਆਂ ਪ੍ਰੀਖਿਆਵਾਂ ਲਈ ਤਿਆਰ ਕੀਤਾ ਜਾ ਰਿਹਾ ਹੈ ਅਤੇ ਸਰਕਾਰੀ ਸਕੂਲਾਂ ਦੇ ਬੱਚੇ ਹੁਣ ਉੱਚ ਅਹੁਦਿਆਂ 'ਤੇ ਪਹੁੰਚ ਰਹੇ ਹਨ। ਉਨ੍ਹਾਂ ਕਿਹਾ ਕਿ ਮੁੱਖ ਮੰਤਰੀ ਭਗਵੰਤ ਸਿੰਘ ਮਾਨ ਦੀ ਅਗਵਾਈ ਵਾਲੀ ਪੰਜਾਬ ਸਰਕਾਰ ਸਿੱਖਿਆ ਅਤੇ ਸਿਹਤ ਖੇਤਰ ਨੂੰ ਪਹਿਲ ਦੇ ਆਧਾਰ 'ਤੇ ਮਜ਼ਬੂਤ ਕਰ ਰਹੀ ਹੈ ਅਤੇ ਆਉਣ ਵਾਲੇ ਸਮੇਂ ਵਿੱਚ ਪੰਜਾਬ ਦੇ ਸਰਕਾਰੀ ਸਕੂਲ ਦੇਸ਼ ਭਰ ਲਈ ਮਿਸਾਲ ਬਣਨਗੇ। ਇਸ ਮੌਕੇ ਸਕੂਲਾਂ ਦੇ ਮੁਖੀ, ਅਧਿਆਪਕ, ਪਿੰਡਾਂ ਦੇ ਪਤਵੰਤੇ ਅਤੇ ਵਿਦਿਆਰਥੀਆਂ ਦੇ ਮਾਪੇ ਵੱਡੀ ਗਿਣਤੀ ਵਿੱਚ ਹਾਜ਼ਰ ਸਨ। ਮੰਤਰੀ ਨੇ ਕਿਹਾ ਕਿ ਪੰਜਾਬ ਦਾ ਭਵਿੱਖ ਇਨ੍ਹਾਂ ਬੱਚਿਆਂ ਦੇ ਹੱਥ ਵਿੱਚ ਹੈ ਅਤੇ ਸਰਕਾਰ ਉਨ੍ਹਾਂ ਨੂੰ ਹਰ ਸੰਭਵ ਸਹੂਲਤ ਮੁਹੱਈਆ ਕਰਵਾਉਣ ਲਈ ਵਚਨਬੱਧ ਹੈ, ਜਿਸ ਨਾਲ ਰੰਗਲਾ ਪੰਜਾਬ ਬਣਾਉਣ ਦਾ ਸੁਪਨਾ ਸਾਕਾਰ ਹੋਵੇਗਾ।
